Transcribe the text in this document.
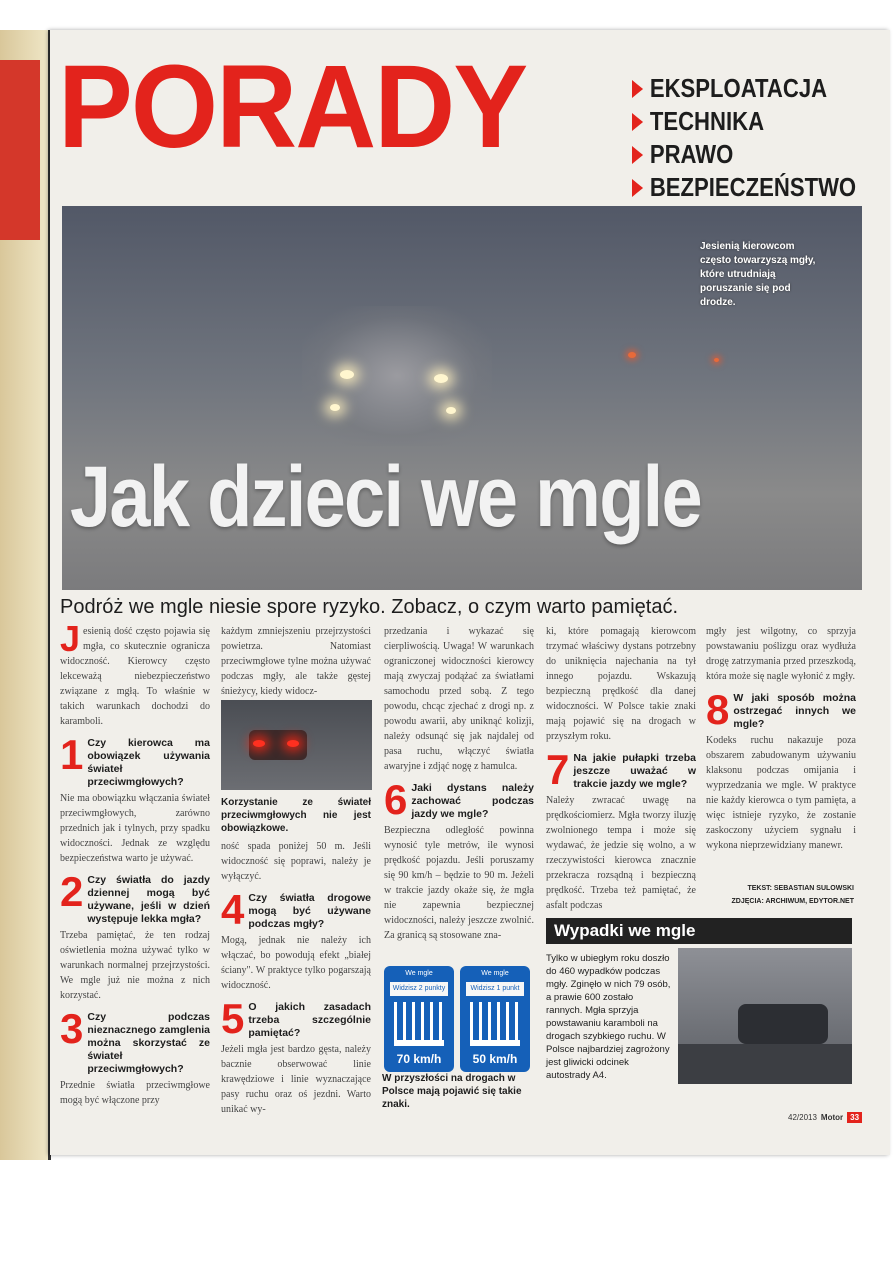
PORADY	EKSPLOATACJA
TECHNIKA
PRAWO
BEZPIECZEŃSTWO
Jesienią kierowcom często towarzyszą mgły, które utrudniają poruszanie się pod drodze.
Jak dzieci we mgle
Podróż we mgle niesie spore ryzyko. Zobacz, o czym warto pamiętać.

Jesienią dość często pojawia się mgła, co skutecznie ogranicza widoczność. Kierowcy często lekceważą niebezpieczeństwo związane z mgłą. To właśnie w takich warunkach dochodzi do karamboli.

1 Czy kierowca ma obowiązek używania świateł przeciwmgłowych?

Nie ma obowiązku włączania świateł przeciwmgłowych, zarówno przednich jak i tylnych, przy spadku widoczności. Jednak ze względu bezpieczeństwa warto je używać.

2 Czy światła do jazdy dziennej mogą być używane, jeśli w dzień występuje lekka mgła?

Trzeba pamiętać, że ten rodzaj oświetlenia można używać tylko w warunkach normalnej przejrzystości. We mgle już nie można z nich korzystać.

3 Czy podczas nieznacznego zamglenia można skorzystać ze świateł przeciwmgłowych?

Przednie światła przeciwmgłowe mogą być włączone przy

każdym zmniejszeniu przejrzystości powietrza. Natomiast przeciwmgłowe tylne można używać podczas mgły, ale także gęstej śnieżycy, kiedy widocz-

Korzystanie ze świateł przeciwmgłowych nie jest obowiązkowe.

ność spada poniżej 50 m. Jeśli widoczność się poprawi, należy je wyłączyć.

4 Czy światła drogowe mogą być używane podczas mgły?

Mogą, jednak nie należy ich włączać, bo powodują efekt „białej ściany". W praktyce tylko pogarszają widoczność.

5 O jakich zasadach trzeba szczególnie pamiętać?

Jeżeli mgła jest bardzo gęsta, należy bacznie obserwować linie krawędziowe i linie wyznaczające pasy ruchu oraz oś jezdni. Warto unikać wy-

przedzania i wykazać się cierpliwością. Uwaga! W warunkach ograniczonej widoczności kierowcy mają zwyczaj podążać za światłami samochodu przed sobą. Z tego powodu, chcąc zjechać z drogi np. z powodu awarii, aby uniknąć kolizji, należy odsunąć się jak najdalej od pasa ruchu, włączyć światła awaryjne i zdjąć nogę z hamulca.

6 Jaki dystans należy zachować podczas jazdy we mgle?

Bezpieczna odległość powinna wynosić tyle metrów, ile wynosi prędkość pojazdu. Jeśli poruszamy się 90 km/h – będzie to 90 m. Jeżeli w trakcie jazdy okaże się, że mgła nie zapewnia bezpiecznej widoczności, należy jeszcze zwolnić. Za granicą są stosowane zna-

We mgle
Widzisz 2 punkty
70 km/h
We mgle
Widzisz 1 punkt
50 km/h
W przyszłości na drogach w Polsce mają pojawić się takie znaki.

ki, które pomagają kierowcom trzymać właściwy dystans potrzebny do uniknięcia najechania na tył innego pojazdu. Wskazują bezpieczną prędkość dla danej widoczności. W Polsce takie znaki mają pojawić się na drogach w przyszłym roku.

7 Na jakie pułapki trzeba jeszcze uważać w trakcie jazdy we mgle?

Należy zwracać uwagę na prędkościomierz. Mgła tworzy iluzję zwolnionego tempa i może się wydawać, że jedzie się wolno, a w rzeczywistości kierowca znacznie przekracza rozsądną i bezpieczną prędkość. Trzeba też pamiętać, że asfalt podczas

mgły jest wilgotny, co sprzyja powstawaniu poślizgu oraz wydłuża drogę zatrzymania przed przeszkodą, która może się nagle wyłonić z mgły.

8 W jaki sposób można ostrzegać innych we mgle?

Kodeks ruchu nakazuje poza obszarem zabudowanym używaniu klaksonu podczas omijania i wyprzedzania we mgle. W praktyce nie każdy kierowca o tym pamięta, a więc istnieje ryzyko, że zostanie zaskoczony użyciem sygnału i wykona nieprzewidziany manewr.

TEKST: SEBASTIAN SULOWSKI
ZDJĘCIA: ARCHIWUM, EDYTOR.NET
Wypadki we mgle
Tylko w ubiegłym roku doszło do 460 wypadków podczas mgły. Zginęło w nich 79 osób, a prawie 600 zostało rannych. Mgła sprzyja powstawaniu karamboli na drogach szybkiego ruchu. W Polsce najbardziej zagrożony jest gliwicki odcinek autostrady A4.
42/2013 Motor 33
